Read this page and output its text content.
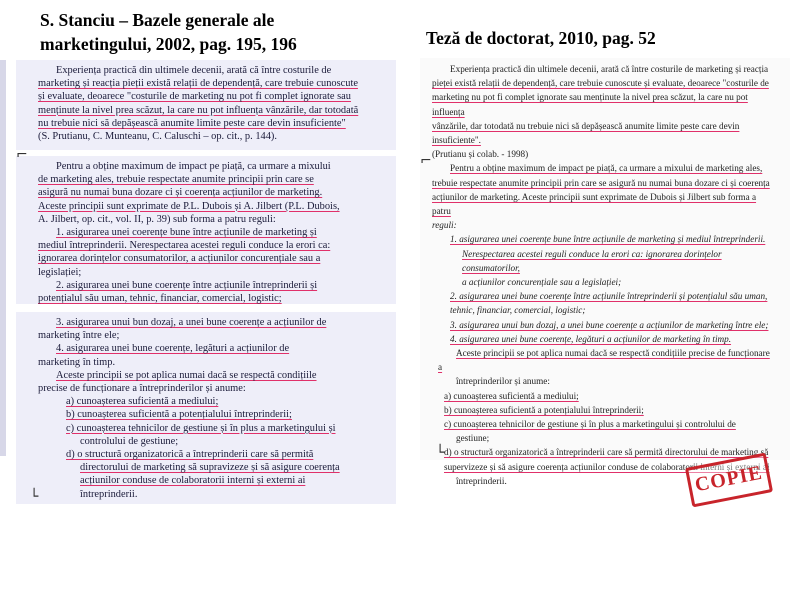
S. Stanciu – Bazele generale ale marketingului, 2002, pag. 195, 196	Teză de doctorat, 2010, pag. 52

Experiența practică din ultimele decenii, arată că între costurile de

marketing și reacția pieții există relații de dependență, care trebuie cunoscute

și evaluate, deoarece "costurile de marketing nu pot fi complet ignorate sau

menținute la nivel prea scăzut, la care nu pot influența vânzările, dar totodată

nu trebuie nici să depășească anumite limite peste care devin insuficiente"

(S. Prutianu, C. Munteanu, C. Caluschi – op. cit., p. 144).

Pentru a obține maximum de impact pe piață, ca urmare a mixului

de marketing ales, trebuie respectate anumite principii prin care se

asigură nu numai buna dozare ci și coerența acțiunilor de marketing.

Aceste principii sunt exprimate de P.L. Dubois și A. Jilbert (P.L. Dubois,

A. Jilbert, op. cit., vol. II, p. 39) sub forma a patru reguli:

1. asigurarea unei coerențe bune între acțiunile de marketing și

mediul întreprinderii. Nerespectarea acestei reguli conduce la erori ca:

ignorarea dorințelor consumatorilor, a acțiunilor concurențiale sau a

legislației;

2. asigurarea unei bune coerențe între acțiunile întreprinderii și

potențialul său uman, tehnic, financiar, comercial, logistic;

3. asigurarea unui bun dozaj, a unei bune coerențe a acțiunilor de

marketing între ele;

4. asigurarea unei bune coerențe, legături a acțiunilor de

marketing în timp.

Aceste principii se pot aplica numai dacă se respectă condițiile

precise de funcționare a întreprinderilor și anume:

a) cunoașterea suficientă a mediului;

b) cunoașterea suficientă a potențialului întreprinderii;

c) cunoașterea tehnicilor de gestiune și în plus a marketingului și

controlului de gestiune;

d) o structură organizatorică a întreprinderii care să permită

directorului de marketing să supravizeze și să asigure coerența

acțiunilor conduse de colaboratorii interni și externi ai

întreprinderii.

Experiența practică din ultimele decenii, arată că între costurile de marketing și reacția

pieței există relații de dependență, care trebuie cunoscute și evaluate, deoarece "costurile de

marketing nu pot fi complet ignorate sau menținute la nivel prea scăzut, la care nu pot influența

vânzările, dar totodată nu trebuie nici să depășească anumite limite peste care devin insuficiente".

(Prutianu și colab. - 1998)

Pentru a obține maximum de impact pe piață, ca urmare a mixului de marketing ales,

trebuie respectate anumite principii prin care se asigură nu numai buna dozare ci și coerența

acțiunilor de marketing. Aceste principii sunt exprimate de Dubois și Jilbert sub forma a patru

reguli:

1. asigurarea unei coerențe bune între acțiunile de marketing și mediul întreprinderii.

Nerespectarea acestei reguli conduce la erori ca: ignorarea dorințelor consumatorilor,

a acțiunilor concurențiale sau a legislației;

2. asigurarea unei bune coerențe între acțiunile întreprinderii și potențialul său uman,

tehnic, financiar, comercial, logistic;

3. asigurarea unui bun dozaj, a unei bune coerențe a acțiunilor de marketing între ele;

4. asigurarea unei bune coerențe, legături a acțiunilor de marketing în timp.

Aceste principii se pot aplica numai dacă se respectă condițiile precise de funcționare a

întreprinderilor și anume:

a) cunoașterea suficientă a mediului;

b) cunoașterea suficientă a potențialului întreprinderii;

c) cunoașterea tehnicilor de gestiune și în plus a marketingului și controlului de

gestiune;

d) o structură organizatorică a întreprinderii care să permită directorului de marketing să

supervizeze și să asigure coerența acțiunilor conduse de colaboratorii interni și externi ai

întreprinderii.

⌐
└
⌐
└
COPIE
